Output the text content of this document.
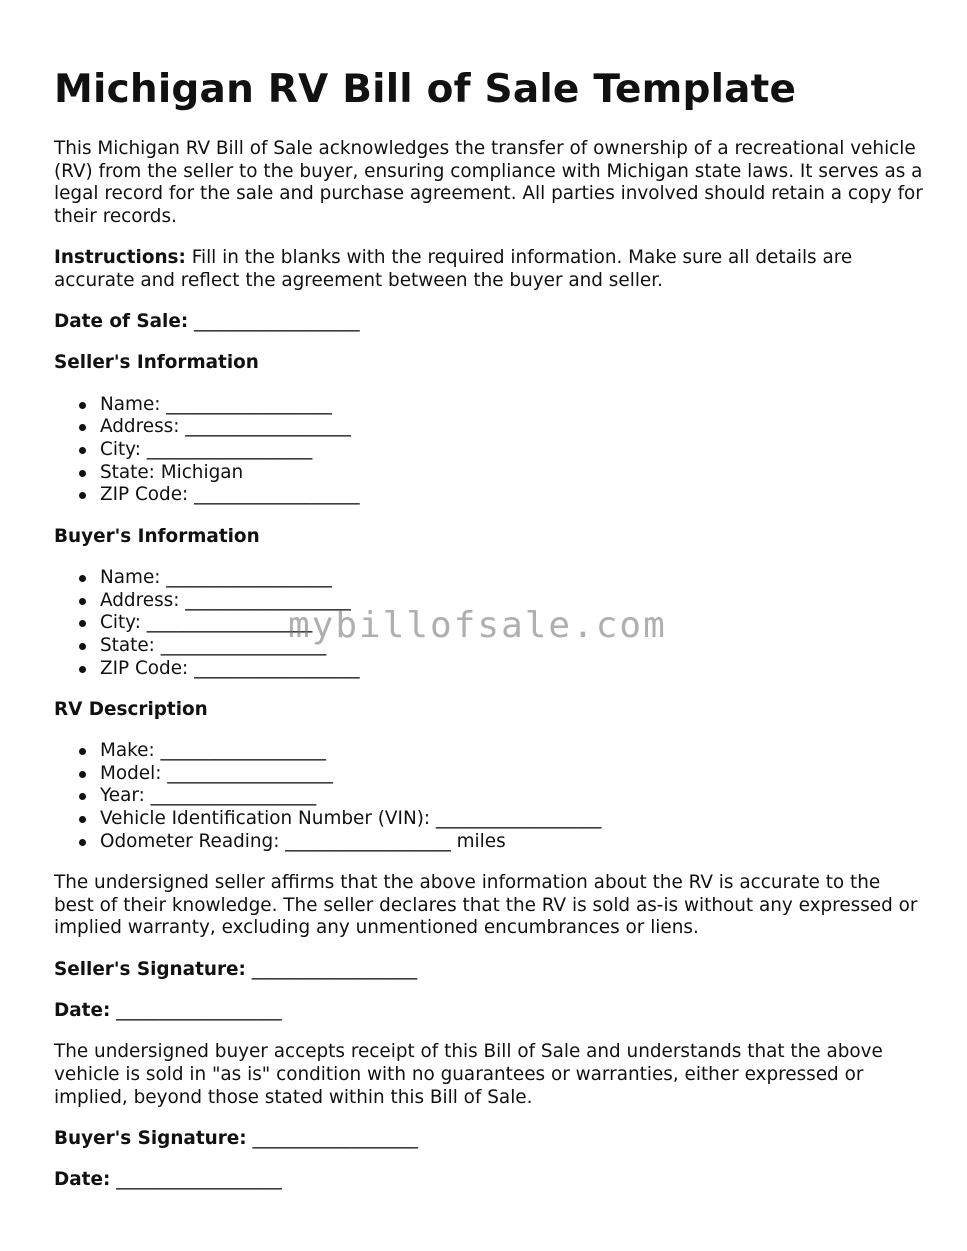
Michigan RV Bill of Sale Template

This Michigan RV Bill of Sale acknowledges the transfer of ownership of a recreational vehicle (RV) from the seller to the buyer, ensuring compliance with Michigan state laws. It serves as a legal record for the sale and purchase agreement. All parties involved should retain a copy for their records.

Instructions: Fill in the blanks with the required information. Make sure all details are accurate and reflect the agreement between the buyer and seller.

Date of Sale: __________________

Seller's Information
Name: __________________
Address: __________________
City: __________________
State: Michigan
ZIP Code: __________________
Buyer's Information
Name: __________________
Address: __________________
City: __________________
State: __________________
ZIP Code: __________________
RV Description
Make: __________________
Model: __________________
Year: __________________
Vehicle Identification Number (VIN): __________________
Odometer Reading: __________________ miles

The undersigned seller affirms that the above information about the RV is accurate to the best of their knowledge. The seller declares that the RV is sold as-is without any expressed or implied warranty, excluding any unmentioned encumbrances or liens.

Seller's Signature: __________________

Date: __________________

The undersigned buyer accepts receipt of this Bill of Sale and understands that the above vehicle is sold in "as is" condition with no guarantees or warranties, either expressed or implied, beyond those stated within this Bill of Sale.

Buyer's Signature: __________________

Date: __________________

mybillofsale.com
